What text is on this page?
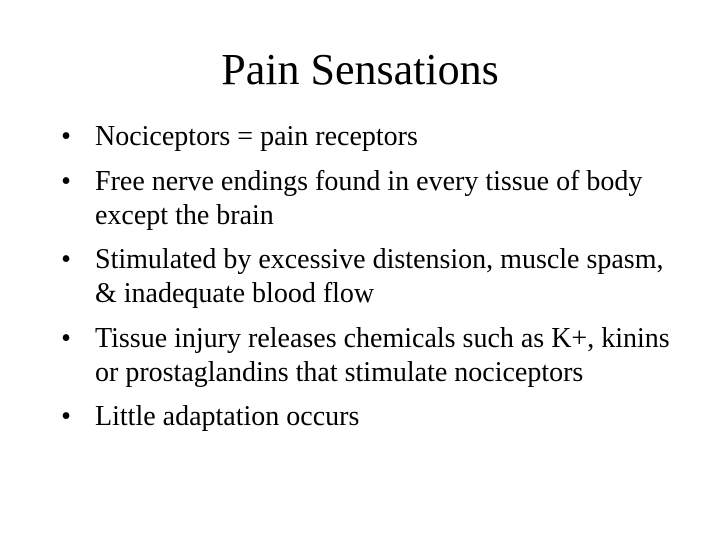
Pain Sensations
• Nociceptors = pain receptors
• Free nerve endings found in every tissue of body except the brain
• Stimulated by excessive distension, muscle spasm, & inadequate blood flow
• Tissue injury releases chemicals such as K+, kinins or prostaglandins that stimulate nociceptors
• Little adaptation occurs
